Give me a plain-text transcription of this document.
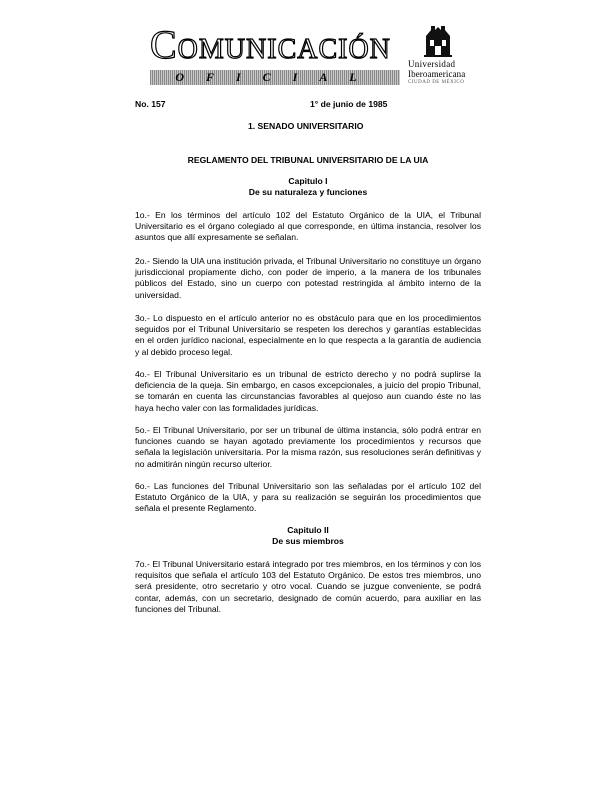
Comunicación
OFICIAL
Universidad
Iberoamericana
CIUDAD DE MÉXICO
No. 157	1° de junio de 1985
1. SENADO UNIVERSITARIO
REGLAMENTO DEL TRIBUNAL UNIVERSITARIO DE LA UIA
Capitulo I
De su naturaleza y funciones
1o.- En los términos del artículo 102 del Estatuto Orgánico de la UIA, el Tribunal Universitario es el órgano colegiado al que corresponde, en última instancia, resolver los asuntos que allí expresamente se señalan.
2o.- Siendo la UIA una institución privada, el Tribunal Universitario no constituye un órgano jurisdiccional propiamente dicho, con poder de imperio, a la manera de los tribunales públicos del Estado, sino un cuerpo con potestad restringida al ámbito interno de la universidad.
3o.- Lo dispuesto en el artículo anterior no es obstáculo para que en los procedimientos seguidos por el Tribunal Universitario se respeten los derechos y garantías establecidas en el orden jurídico nacional, especialmente en lo que respecta a la garantía de audiencia y al debido proceso legal.
4o.- El Tribunal Universitario es un tribunal de estricto derecho y no podrá suplirse la deficiencia de la queja. Sin embargo, en casos excepcionales, a juicio del propio Tribunal, se tomarán en cuenta las circunstancias favorables al quejoso aun cuando éste no las haya hecho valer con las formalidades jurídicas.
5o.- El Tribunal Universitario, por ser un tribunal de última instancia, sólo podrá entrar en funciones cuando se hayan agotado previamente los procedimientos y recursos que señala la legislación universitaria. Por la misma razón, sus resoluciones serán definitivas y no admitirán ningún recurso ulterior.
6o.- Las funciones del Tribunal Universitario son las señaladas por el artículo 102 del Estatuto Orgánico de la UIA, y para su realización se seguirán los procedimientos que señala el presente Reglamento.
Capitulo II
De sus miembros
7o.- El Tribunal Universitario estará integrado por tres miembros, en los términos y con los requisitos que señala el artículo 103 del Estatuto Orgánico. De estos tres miembros, uno será presidente, otro secretario y otro vocal. Cuando se juzgue conveniente, se podrá contar, además, con un secretario, designado de común acuerdo, para auxiliar en las funciones del Tribunal.
